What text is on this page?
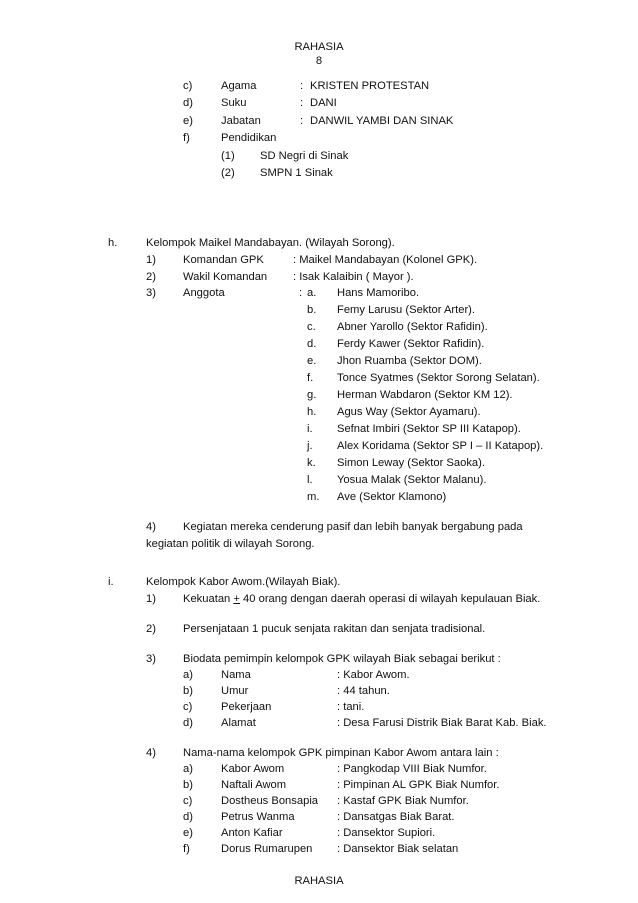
RAHASIA
8
c)	Agama	: KRISTEN PROTESTAN
d)	Suku	: DANI
e)	Jabatan	: DANWIL YAMBI DAN SINAK
f)	Pendidikan
(1) SD Negri di Sinak
(2) SMPN 1 Sinak
h.	Kelompok Maikel Mandabayan. (Wilayah Sorong).
1) Komandan GPK	: Maikel Mandabayan (Kolonel GPK).
2) Wakil Komandan : Isak Kalaibin ( Mayor ).
3) Anggota	: a. Hans Mamoribo.
b. Femy Larusu (Sektor Arter).
c. Abner Yarollo (Sektor Rafidin).
d. Ferdy Kawer (Sektor Rafidin).
e. Jhon Ruamba (Sektor DOM).
f. Tonce Syatmes (Sektor Sorong Selatan).
g. Herman Wabdaron (Sektor KM 12).
h. Agus Way (Sektor Ayamaru).
i. Sefnat Imbiri (Sektor SP III Katapop).
j. Alex Koridama (Sektor SP I – II Katapop).
k. Simon Leway (Sektor Saoka).
l. Yosua Malak (Sektor Malanu).
m. Ave (Sektor Klamono)
4) Kegiatan mereka cenderung pasif dan lebih banyak bergabung pada
kegiatan politik di wilayah Sorong.
i.	Kelompok Kabor Awom.(Wilayah Biak).
1) Kekuatan + 40 orang dengan daerah operasi di wilayah kepulauan Biak.
2) Persenjataan 1 pucuk senjata rakitan dan senjata tradisional.
3) Biodata pemimpin kelompok GPK wilayah Biak sebagai berikut :
a)	Nama	: Kabor Awom.
b)	Umur	: 44 tahun.
c)	Pekerjaan	: tani.
d)	Alamat	: Desa Farusi Distrik Biak Barat Kab. Biak.
4) Nama-nama kelompok GPK pimpinan Kabor Awom antara lain :
a)	Kabor Awom	: Pangkodap VIII Biak Numfor.
b)	Naftali Awom	: Pimpinan AL GPK Biak Numfor.
c)	Dostheus Bonsapia : Kastaf GPK Biak Numfor.
d)	Petrus Wanma	: Dansatgas Biak Barat.
e)	Anton Kafiar	: Dansektor Supiori.
f)	Dorus Rumarupen : Dansektor Biak selatan
RAHASIA
